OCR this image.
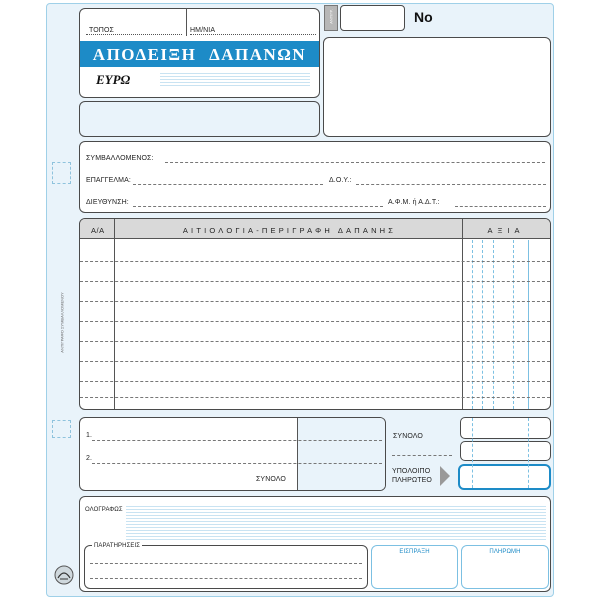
ΑΝΤΙΓΡΑΦΟ ΣΥΜΒΑΛΛΟΜΕΝΟΥ
ΤΟΠΟΣ	ΗΜ/ΝΙΑ
ΑΠΟΔΕΙΞΗ ΔΑΠΑΝΩΝ
ΕΥΡΩ
ΑΝΤΙΓΡ.	Νο
ΣΥΜΒΑΛΛΟΜΕΝΟΣ:
ΕΠΑΓΓΕΛΜΑ:	Δ.Ο.Υ.:
ΔΙΕΥΘΥΝΣΗ:	Α.Φ.Μ. ή Α.Δ.Τ.:
Α/Α	ΑΙΤΙΟΛΟΓΙΑ-ΠΕΡΙΓΡΑΦΗ ΔΑΠΑΝΗΣ	ΑΞΙΑ
1.
2.
ΣΥΝΟΛΟ
ΣΥΝΟΛΟ
ΥΠΟΛΟΙΠΟ ΠΛΗΡΩΤΕΟ
ΟΛΟΓΡΑΦΩΣ
ΠΑΡΑΤΗΡΗΣΕΙΣ
ΕΙΣΠΡΑΞΗ	ΠΛΗΡΩΜΗ
